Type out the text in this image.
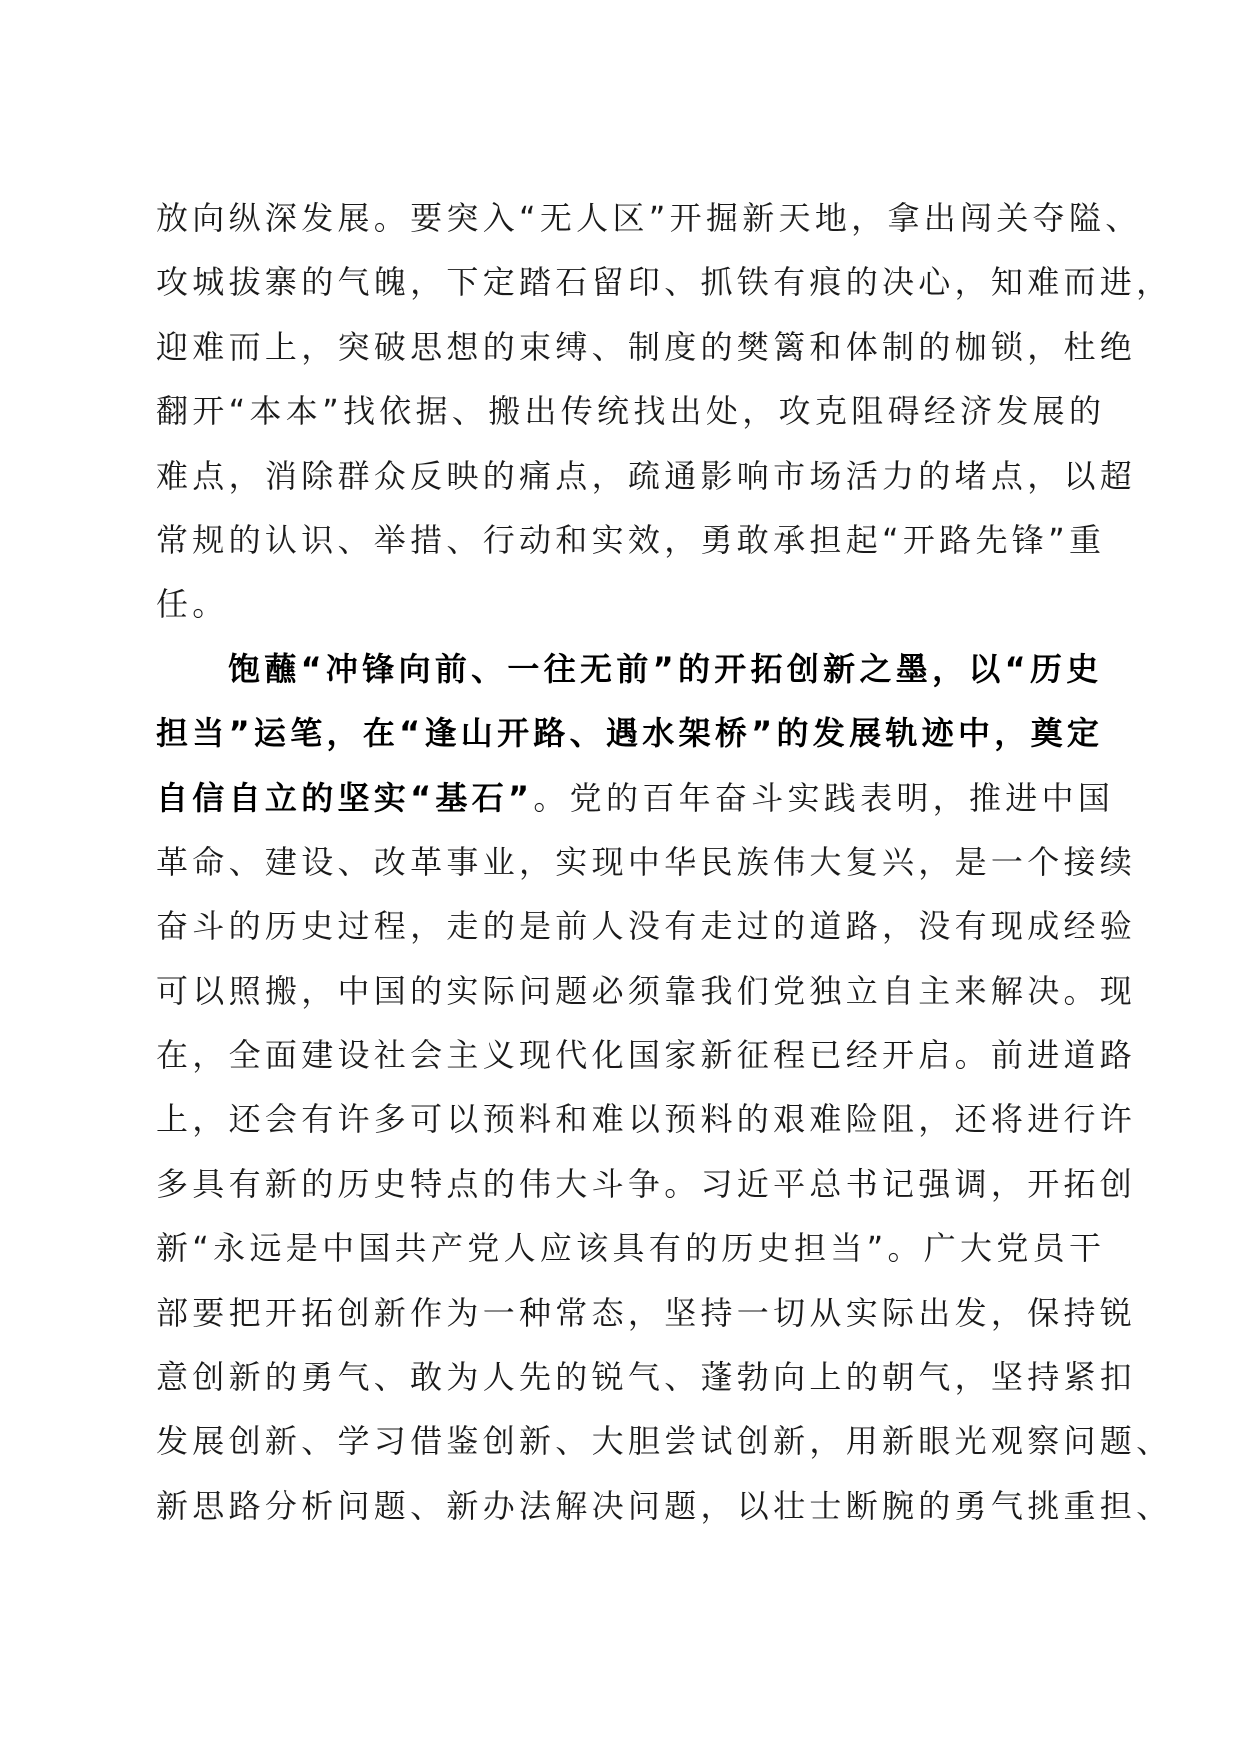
放向纵深发展。要突入“无人区”开掘新天地，拿出闯关夺隘、
攻城拔寨的气魄，下定踏石留印、抓铁有痕的决心，知难而进，
迎难而上，突破思想的束缚、制度的樊篱和体制的枷锁，杜绝
翻开“本本”找依据、搬出传统找出处，攻克阻碍经济发展的
难点，消除群众反映的痛点，疏通影响市场活力的堵点，以超
常规的认识、举措、行动和实效，勇敢承担起“开路先锋”重
任。
饱蘸“冲锋向前、一往无前”的开拓创新之墨，以“历史
担当”运笔，在“逢山开路、遇水架桥”的发展轨迹中，奠定
自信自立的坚实“基石”。党的百年奋斗实践表明，推进中国
革命、建设、改革事业，实现中华民族伟大复兴，是一个接续
奋斗的历史过程，走的是前人没有走过的道路，没有现成经验
可以照搬，中国的实际问题必须靠我们党独立自主来解决。现
在，全面建设社会主义现代化国家新征程已经开启。前进道路
上，还会有许多可以预料和难以预料的艰难险阻，还将进行许
多具有新的历史特点的伟大斗争。习近平总书记强调，开拓创
新“永远是中国共产党人应该具有的历史担当”。广大党员干
部要把开拓创新作为一种常态，坚持一切从实际出发，保持锐
意创新的勇气、敢为人先的锐气、蓬勃向上的朝气，坚持紧扣
发展创新、学习借鉴创新、大胆尝试创新，用新眼光观察问题、
新思路分析问题、新办法解决问题，以壮士断腕的勇气挑重担、
